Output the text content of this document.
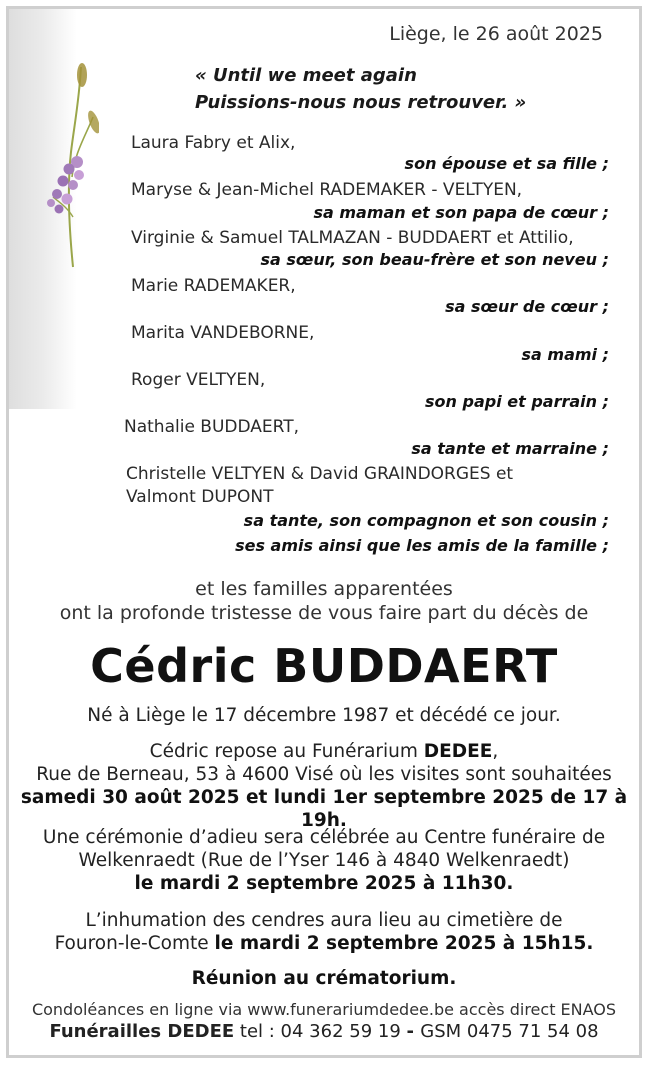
Liège, le 26 août 2025
« Until we meet again
Puissions-nous nous retrouver. »
Laura Fabry et Alix,
son épouse et sa fille ;
Maryse & Jean-Michel RADEMAKER - VELTYEN,
sa maman et son papa de cœur ;
Virginie & Samuel TALMAZAN - BUDDAERT et Attilio,
sa sœur, son beau-frère et son neveu ;
Marie RADEMAKER,
sa sœur de cœur ;
Marita VANDEBORNE,
sa mami ;
Roger VELTYEN,
son papi et parrain ;
Nathalie BUDDAERT,
sa tante et marraine ;
Christelle VELTYEN & David GRAINDORGES et
Valmont DUPONT
sa tante, son compagnon et son cousin ;
ses amis ainsi que les amis de la famille ;
et les familles apparentées
ont la profonde tristesse de vous faire part du décès de
Cédric BUDDAERT
Né à Liège le 17 décembre 1987 et décédé ce jour.
Cédric repose au Funérarium DEDEE,
Rue de Berneau, 53 à 4600 Visé où les visites sont souhaitées
samedi 30 août 2025 et lundi 1er septembre 2025 de 17 à 19h.
Une cérémonie d’adieu sera célébrée au Centre funéraire de
Welkenraedt (Rue de l’Yser 146 à 4840 Welkenraedt)
le mardi 2 septembre 2025 à 11h30.
L’inhumation des cendres aura lieu au cimetière de
Fouron-le-Comte le mardi 2 septembre 2025 à 15h15.
Réunion au crématorium.
Condoléances en ligne via www.funerariumdedee.be accès direct ENAOS
Funérailles DEDEE tel : 04 362 59 19 - GSM 0475 71 54 08
